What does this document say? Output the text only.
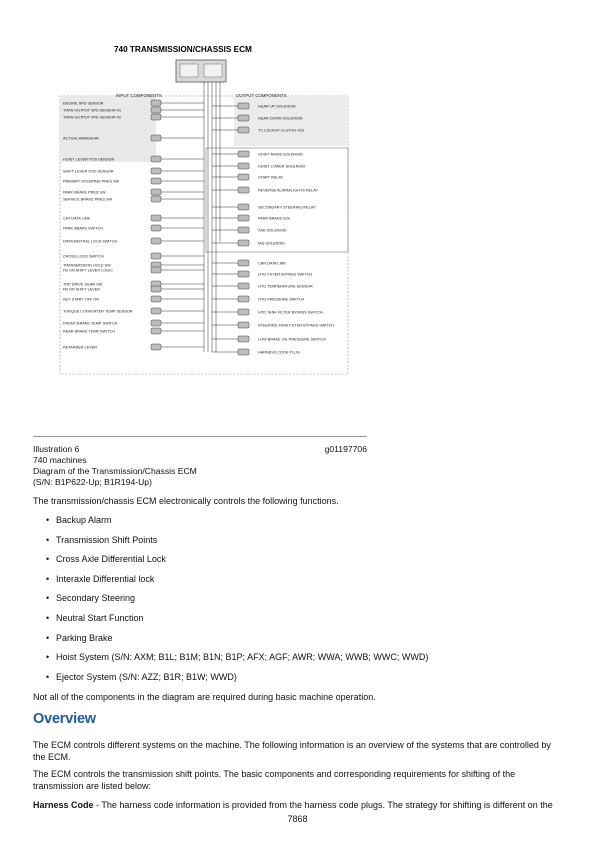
740 TRANSMISSION/CHASSIS ECM
INPUT COMPONENTS	OUTPUT COMPONENTS
ENGINE SPD SENSOR
TRAN OUTPUT SPD SENSOR #1
TRAN OUTPUT SPD SENSOR #2
ACTUAL AMBIGEAR
HOIST LEVER POS SENSOR
SHIFT LEVER POS SENSOR
PRIMARY STEERING PRES SW
PARK BRAKE PRES SW
SERVICE BRAKE PRES SW
CAT DATA LINK
PARK BRAKE SWITCH
DIFFERENTIAL LOCK SWITCH
CROSS LOCK SWITCH
TRANSMISSION HOLD SW
FB ON SHIFT LEVER LOGIC
TOP DRIVE GEAR SW
FB ON SHIFT LEVER
KEY START OFF ON
TORQUE CONVERTER TEMP SENSOR
FRONT BRAKE TEMP SWITCH
REAR BRAKE TEMP SWITCH
RETARDER LEVER
GEAR UP SOLENOID
GEAR DOWN SOLENOID
TC LOCKUP CLUTCH SOL
HOIST RAISE SOLENOID
HOIST LOWER SOLENOID
START RELAY
REVERSE ALARM/LIGHTS RELAY
SECONDARY STEERING RELAY
PARK BRAKE SOL
XAD SOLENOID
IAD SOLENOID
CAN DATA LINK
OTG FILTER BYPASS SWITCH
OTG TEMPERATURE SENSOR
OTG PRESSURE SWITCH
HYD TANK FILTER BYPASS SWITCH
STEERING TANK FILTER BYPASS SWITCH
LOW BRAKE OIL PRESSURE SWITCH
HARNESS CODE PLUG
Illustration 6	g01197706
740 machines
Diagram of the Transmission/Chassis ECM
(S/N: B1P622-Up; B1R194-Up)

The transmission/chassis ECM electronically controls the following functions.

• Backup Alarm
• Transmission Shift Points
• Cross Axle Differential Lock
• Interaxle Differential lock
• Secondary Steering
• Neutral Start Function
• Parking Brake
• Hoist System (S/N: AXM; B1L; B1M; B1N; B1P; AFX; AGF; AWR; WWA; WWB; WWC; WWD)
• Ejector System (S/N: AZZ; B1R; B1W; WWD)

Not all of the components in the diagram are required during basic machine operation.

Overview

The ECM controls different systems on the machine. The following information is an overview of the systems that are controlled by the ECM.

The ECM controls the transmission shift points. The basic components and corresponding requirements for shifting of the transmission are listed below:

Harness Code - The harness code information is provided from the harness code plugs. The strategy for shifting is different on the

7868
